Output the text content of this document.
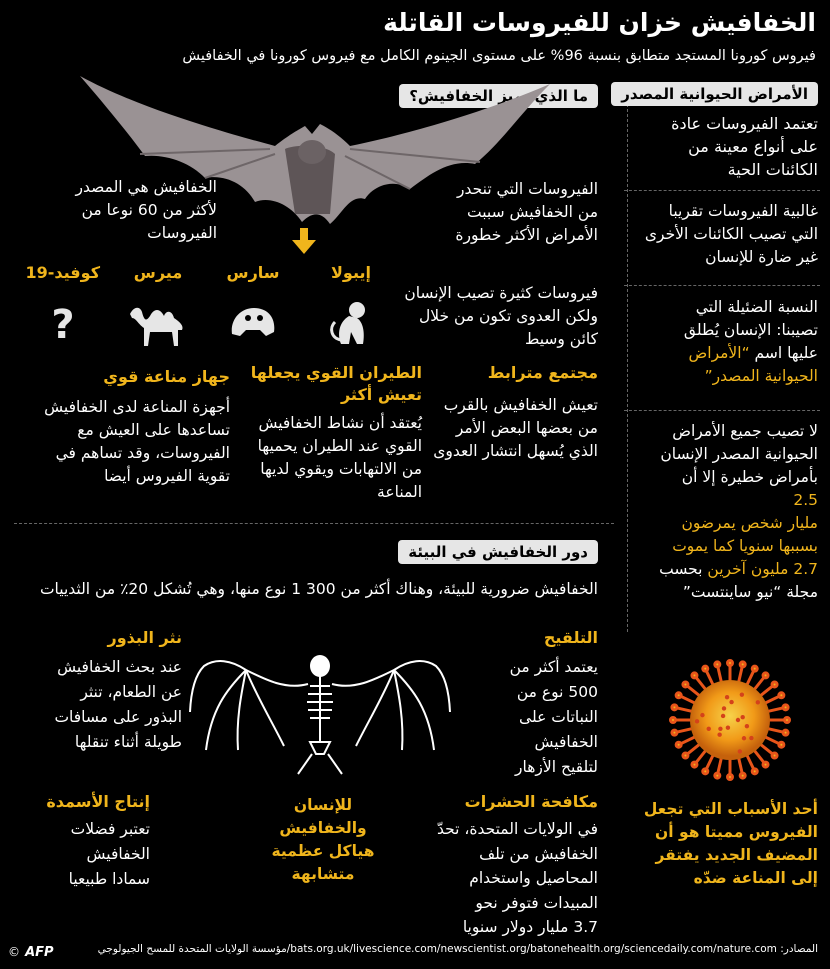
الخفافيش خزان للفيروسات القاتلة
فيروس كورونا المستجد متطابق بنسبة 96% على مستوى الجينوم الكامل مع فيروس كورونا في الخفافيش
الأمراض الحيوانية المصدر
تعتمد الفيروسات عادة
على أنواع معينة من
الكائنات الحية
غالبية الفيروسات تقريبا
التي تصيب الكائنات الأخرى
غير ضارة للإنسان
النسبة الضئيلة التي
تصيبنا: الإنسان يُطلق
عليها اسم “الأمراض
الحيوانية المصدر”
لا تصيب جميع الأمراض
الحيوانية المصدر الإنسان
بأمراض خطيرة إلا أن
2.5
مليار شخص يمرضون
بسببها سنويا كما يموت
2.7 مليون آخرين بحسب
مجلة “نيو ساينتست”
أحد الأسباب التي تجعل
الفيروس مميتا هو أن
المضيف الجديد يفتقر
إلى المناعة ضدّه
ما الذي يميز الخفافيش؟
الخفافيش هي المصدر
لأكثر من 60 نوعا من
الفيروسات
الفيروسات التي تنحدر
من الخفافيش سببت
الأمراض الأكثر خطورة
إيبولا
سارس
ميرس
كوفيد-19
?
فيروسات كثيرة تصيب الإنسان
ولكن العدوى تكون من خلال
كائن وسيط
مجتمع مترابط
تعيش الخفافيش بالقرب
من بعضها البعض الأمر
الذي يُسهل انتشار العدوى
الطيران القوي يجعلها
تعيش أكثر
يُعتقد أن نشاط الخفافيش
القوي عند الطيران يحميها
من الالتهابات ويقوي لديها
المناعة
جهاز مناعة قوي
أجهزة المناعة لدى الخفافيش
تساعدها على العيش مع
الفيروسات، وقد تساهم في
تقوية الفيروس أيضا
دور الخفافيش في البيئة
الخفافيش ضرورية للبيئة، وهناك أكثر من 300 1 نوع منها، وهي تُشكل 20٪ من الثدييات
التلقيح
يعتمد أكثر من
500 نوع من
النباتات على
الخفافيش
لتلقيح الأزهار
نثر البذور
عند بحث الخفافيش
عن الطعام، تنثر
البذور على مسافات
طويلة أثناء تنقلها
مكافحة الحشرات
في الولايات المتحدة، تحدّ
الخفافيش من تلف
المحاصيل واستخدام
المبيدات فتوفر نحو
3.7 مليار دولار سنويا
إنتاج الأسمدة
تعتبر فضلات
الخفافيش
سمادا طبيعيا
للإنسان
والخفافيش
هياكل عظمية
متشابهة
المصادر: bats.org.uk/livescience.com/newscientist.org/batonehealth.org/sciencedaily.com/nature.com/مؤسسة الولايات المتحدة للمسح الجيولوجي
© AFP
